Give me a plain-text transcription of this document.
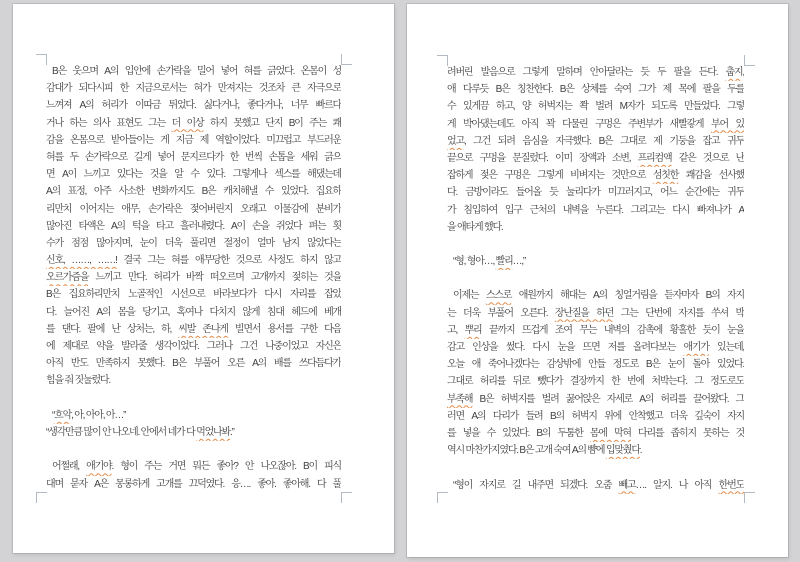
B은 웃으며 A의 입안에 손가락을 밀어 넣어 혀를 긁었다. 온몸이 성
감대가 되다시피 한 지금으로서는 혀가 만져지는 것조차 큰 자극으로
느껴져 A의 허리가 이따금 튀었다. 싫다거나, 좋다거나, 너무 빠르다
거나 하는 의사 표현도 그는 더 이상 하지 못했고 단지 B이 주는 쾌
감을 온몸으로 받아들이는 게 지금 제 역할이었다. 미끄럽고 부드러운
혀를 두 손가락으로 길게 넣어 문지르다가 한 번씩 손톱을 세워 긁으
면 A이 느끼고 있다는 것을 알 수 있다. 그렇게나 섹스를 해댔는데
A의 표정, 아주 사소한 변화까지도 B은 캐치해낼 수 있었다. 집요하
리만치 이어지는 애무, 손가락은 젖어버린지 오래고 이물감에 분비가
많아진 타액은 A의 턱을 타고 흘러내렸다. A이 손을 쥐었다 펴는 횟
수가 점점 많아지며, 눈이 더욱 풀리면 절정이 얼마 남지 않았다는
신호, ……, ……! 결국 그는 혀를 애무당한 것으로 사정도 하지 않고
오르가즘을 느끼고 만다. 허리가 바짝 떠오르며 고개까지 젖히는 것을
B은 집요하리만치 노골적인 시선으로 바라보다가 다시 자리를 잡았
다. 늘어진 A의 몸을 당기고, 혹여나 다치지 않게 침대 헤드에 베개
를 댄다. 팔에 난 상처는, 하, 씨발 존나게 빌면서 용서를 구한 다음
에 제대로 약을 발라줄 생각이었다. 그러나 그건 나중이었고 자신은
아직 반도 만족하지 못했다. B은 부풀어 오른 A의 배를 쓰다듬다가
힘을 줘 짓눌렀다.
“흐악, 아, 아아, 아…”
“생각만큼 많이 안 나오네. 안에서 네가 다 먹었나봐.”
어쩔래, 애기야. 형이 주는 거면 뭐든 좋아? 안 나오잖아. B이 피식
대며 묻자 A은 몽롱하게 고개를 끄덕였다. 응…. 좋아. 좋아해. 다 풀
려버린 발음으로 그렇게 말하며 안아달라는 듯 두 팔을 든다. 춥지,
애 다루듯 B은 칭찬한다. B은 상체를 숙여 그가 제 목에 팔을 두를
수 있게끔 하고, 양 허벅지는 쫙 벌려 M자가 되도록 만들었다. 그렇
게 박아댔는데도 아직 꽉 다물린 구멍은 주변부가 새빨갛게 부어 있
었고, 그건 되려 음심을 자극했다. B은 그대로 제 기둥을 잡고 귀두
끝으로 구멍을 문질렀다. 이미 장액과 소변, 프리컴액 같은 것으로 난
잡하게 젖은 구멍은 그렇게 비벼지는 것만으로 섬칫한 쾌감을 선사했
다. 금방이라도 들어올 듯 눌리다가 미끄러지고, 어느 순간에는 귀두
가 침입하여 입구 근처의 내벽을 누른다. 그리고는 다시 빠져나가 A
을 애타게 했다.
“형, 형아…, 빨리…,”
이제는 스스로 애원까지 해대는 A의 칭얼거림을 듣자마자 B의 자지
는 더욱 부풀어 오른다. 장난질을 하던 그는 단번에 자지를 쑤셔 박
고, 뿌리 끝까지 뜨겁게 조여 무는 내벽의 감촉에 황홀한 듯이 눈을
감고 인상을 썼다. 다시 눈을 뜨면 저를 올려다보는 애기가 있는데,
오늘 애 죽어나겠다는 감상밖에 안들 정도로 B은 눈이 돌아 있었다.
그대로 허리를 뒤로 뺐다가 결장까지 한 번에 처박는다. 그 정도로도
부족해 B은 허벅지를 벌려 꿇어앉은 자세로 A의 허리를 끌어왔다. 그
러면 A의 다리가 들려 B의 허벅지 위에 안착했고 더욱 깊숙이 자지
를 넣을 수 있었다. B의 두툼한 몸에 막혀 다리를 좁히지 못하는 것
역시 마찬가지였다. B은 고개 숙여 A의 뺨에 입맞췄다.
“형이 자지로 길 내주면 되겠다. 오줌 빼고…. 알지. 나 아직 한번도
